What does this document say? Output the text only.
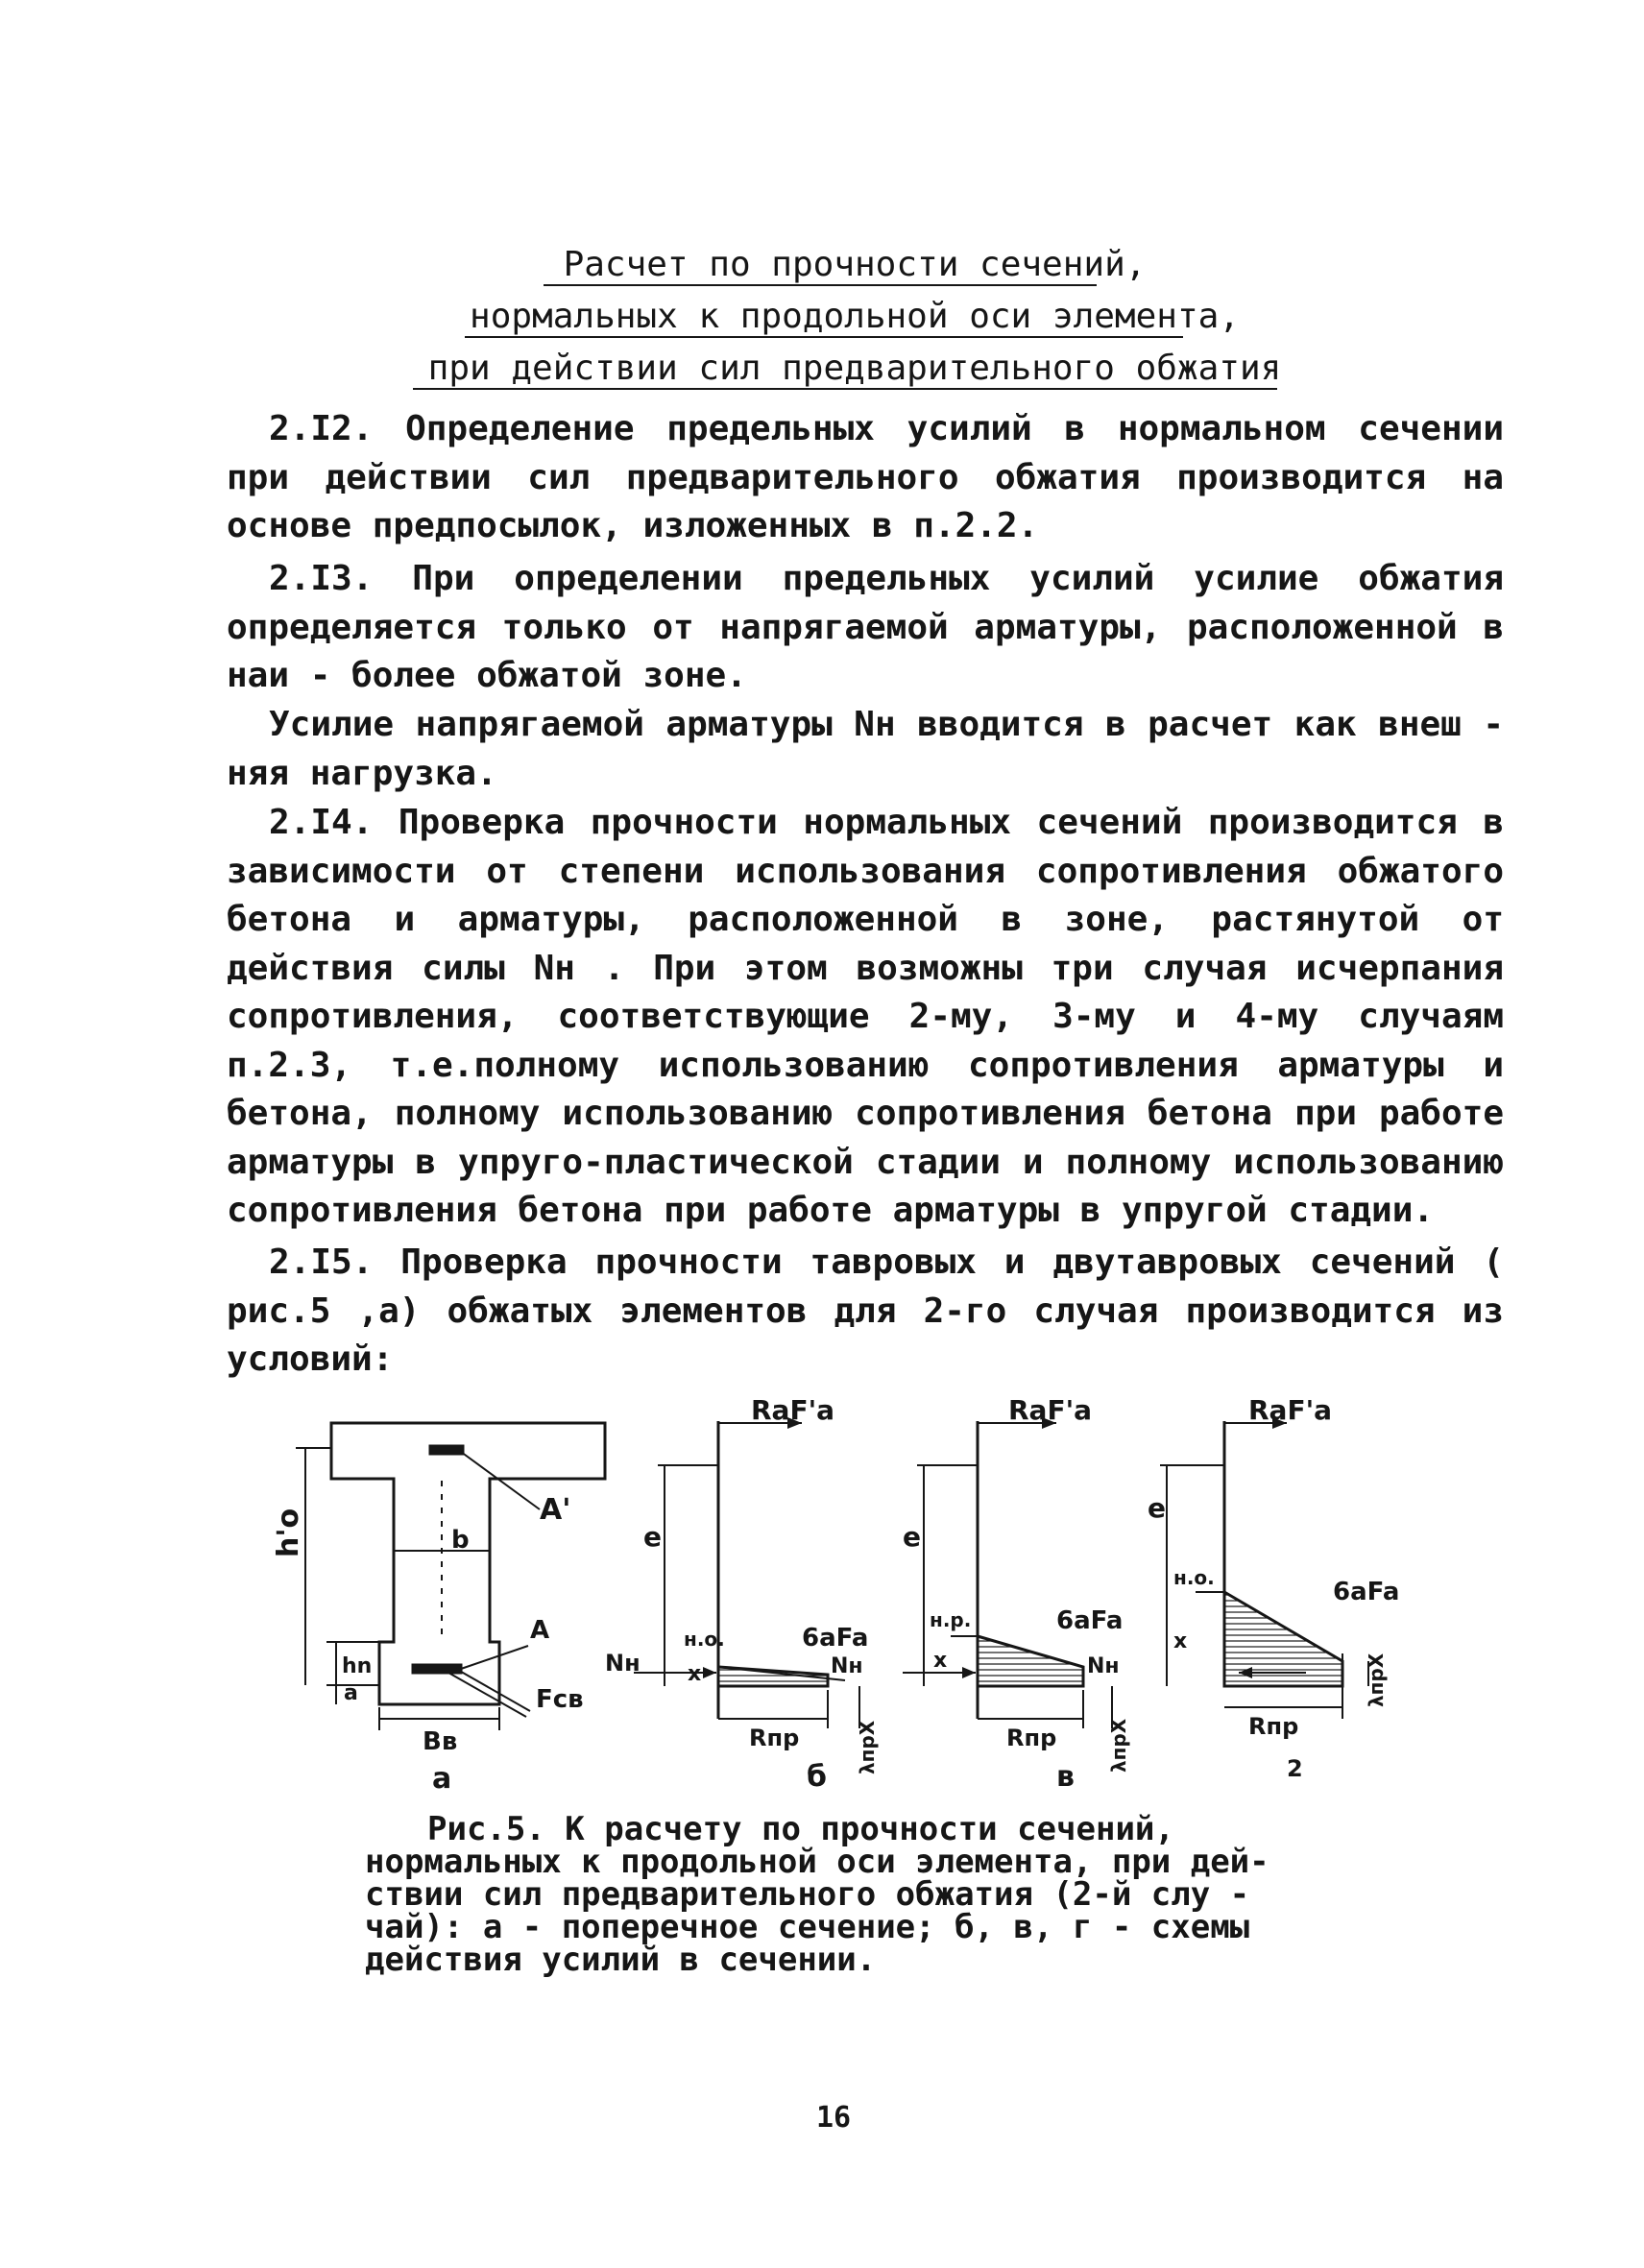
Расчет по прочности сечений,
нормальных к продольной оси элемента,
при действии сил предварительного обжатия
2.I2. Определение предельных усилий в нормальном сечении при действии сил предварительного обжатия производится на основе предпосылок, изложенных в п.2.2.
2.I3. При определении предельных усилий усилие обжатия определяется только от напрягаемой арматуры, расположенной в наи - более обжатой зоне.
Усилие напрягаемой арматуры Nн вводится в расчет как внеш - няя нагрузка.
2.I4. Проверка прочности нормальных сечений производится в зависимости от степени использования сопротивления обжатого бетона и арматуры, расположенной в зоне, растянутой от действия силы Nн . При этом возможны три случая исчерпания сопротивления, соответствующие 2-му, 3-му и 4-му случаям п.2.3, т.е.полному использованию сопротивления арматуры и бетона, полному использованию сопротивления бетона при работе арматуры в упруго-пластической стадии и полному использованию сопротивления бетона при работе арматуры в упругой стадии.
2.I5. Проверка прочности тавровых и двутавровых сечений ( рис.5 ,а) обжатых элементов для 2-го случая производится из условий:
h'o	b
A'
A
Fсв
hn
a
Bв
a
RaF'a
e
6aFa
н.о.
Nн x	Nн
Rпр	λпрX
б
RaF'a
e
6aFa
н.р.
x	Nн
Rпр	λпрX
в
RaF'a
e
6aFa
н.о.
x
Rпр
λпрX
2
Рис.5. К расчету по прочности сечений,
нормальных к продольной оси элемента, при дей-
ствии сил предварительного обжатия (2-й слу -
чай): а - поперечное сечение; б, в, г - схемы
действия усилий в сечении.
16
